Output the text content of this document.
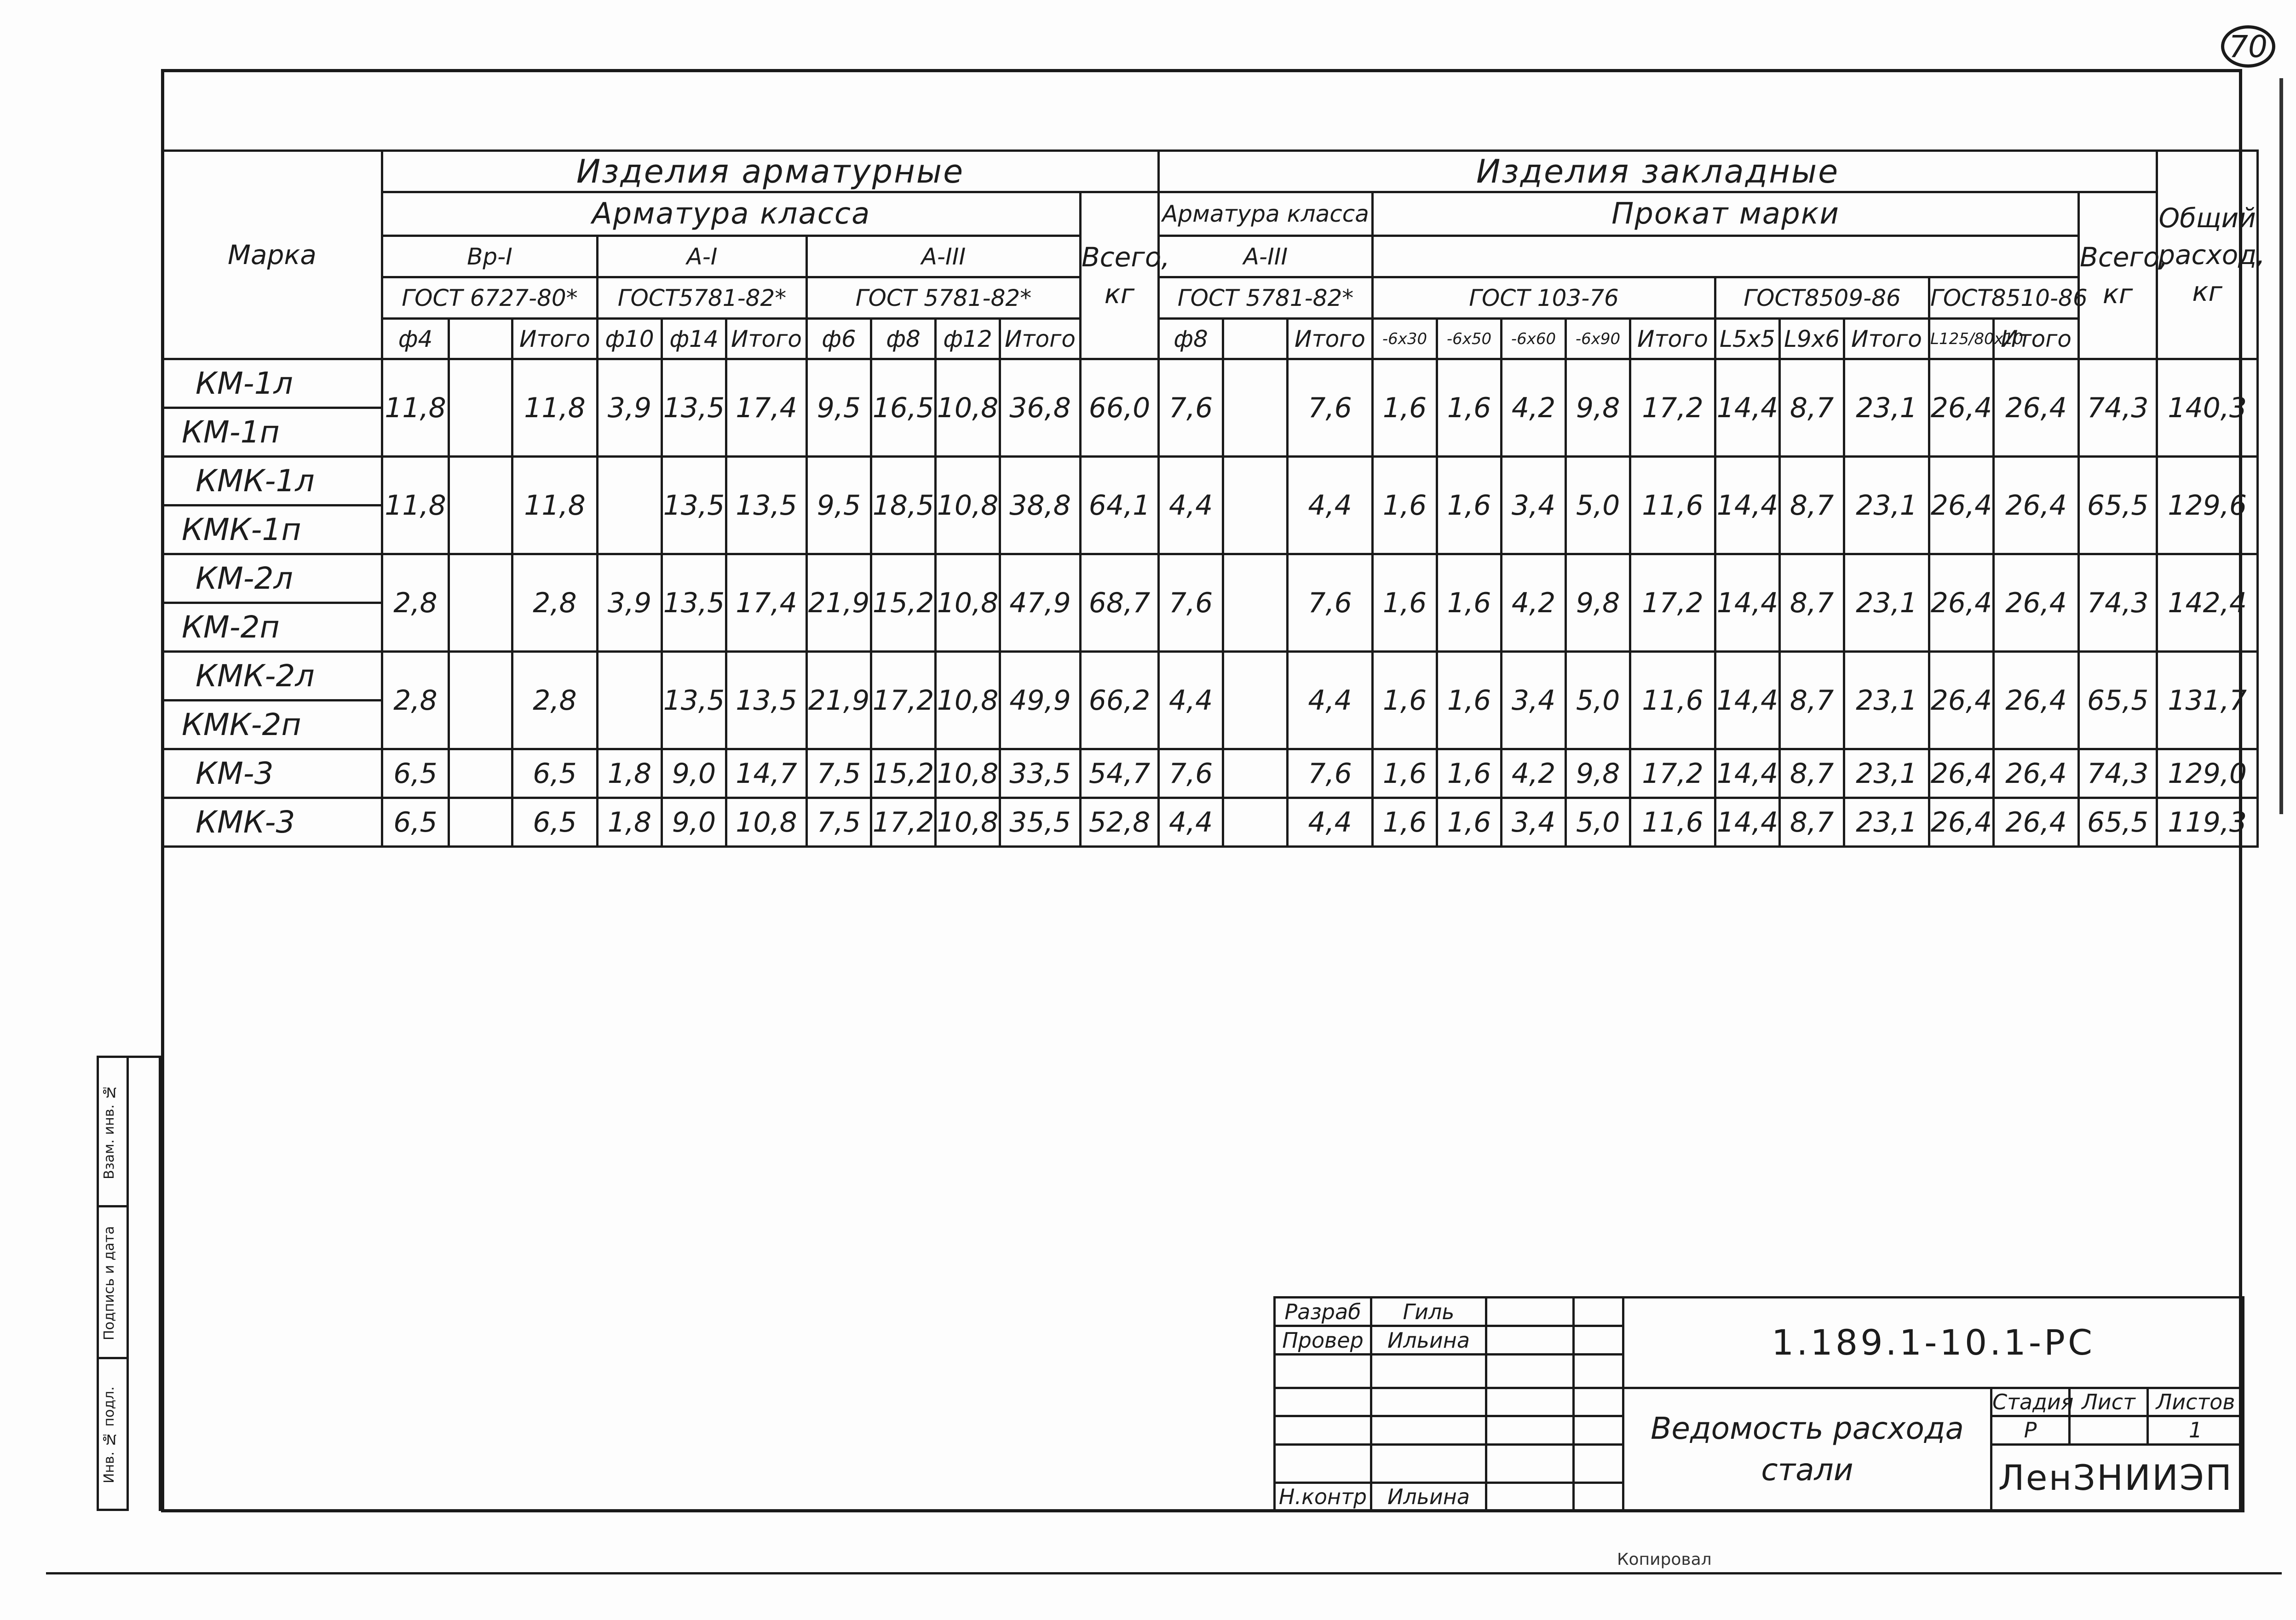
70
Марка	Изделия арматурные											Изделия закладные														Общий расход, кг
	Арматура класса										Всего, кг	Арматура класса			Прокат марки										Всего, кг	
	Вр-I			А-I			А-III					А-III														
	ГОСТ 6727-80*			ГОСТ5781-82*			ГОСТ 5781-82*					ГОСТ 5781-82*			ГОСТ 103-76					ГОСТ8509-86			ГОСТ8510-86			
	ф4		Итого	ф10	ф14	Итого	ф6	ф8	ф12	Итого		ф8		Итого	-6х30	-6х50	-6х60	-6х90	Итого	L5х5	L9х6	Итого	L125/80х10	Итого		
КМ-1л	11,8		11,8	3,9	13,5	17,4	9,5	16,5	10,8	36,8	66,0	7,6		7,6	1,6	1,6	4,2	9,8	17,2	14,4	8,7	23,1	26,4	26,4	74,3	140,3
КМ-1п																										
КМК-1л	11,8		11,8		13,5	13,5	9,5	18,5	10,8	38,8	64,1	4,4		4,4	1,6	1,6	3,4	5,0	11,6	14,4	8,7	23,1	26,4	26,4	65,5	129,6
КМК-1п																										
КМ-2л	2,8		2,8	3,9	13,5	17,4	21,9	15,2	10,8	47,9	68,7	7,6		7,6	1,6	1,6	4,2	9,8	17,2	14,4	8,7	23,1	26,4	26,4	74,3	142,4
КМ-2п																										
КМК-2л	2,8		2,8		13,5	13,5	21,9	17,2	10,8	49,9	66,2	4,4		4,4	1,6	1,6	3,4	5,0	11,6	14,4	8,7	23,1	26,4	26,4	65,5	131,7
КМК-2п																										
КМ-3	6,5		6,5	1,8	9,0	14,7	7,5	15,2	10,8	33,5	54,7	7,6		7,6	1,6	1,6	4,2	9,8	17,2	14,4	8,7	23,1	26,4	26,4	74,3	129,0
КМК-3	6,5		6,5	1,8	9,0	10,8	7,5	17,2	10,8	35,5	52,8	4,4		4,4	1,6	1,6	3,4	5,0	11,6	14,4	8,7	23,1	26,4	26,4	65,5	119,3
Взам. инв. №
Подпись и дата
Инв. № подл.
Разраб	Гиль			1.189.1-10.1-РС			
Провер	Ильина						

				Ведомость расхода стали	Стадия	Лист	Листов
					Р		1
					ЛенЗНИИЭП		
Н.контр	Ильина						
Копировал
